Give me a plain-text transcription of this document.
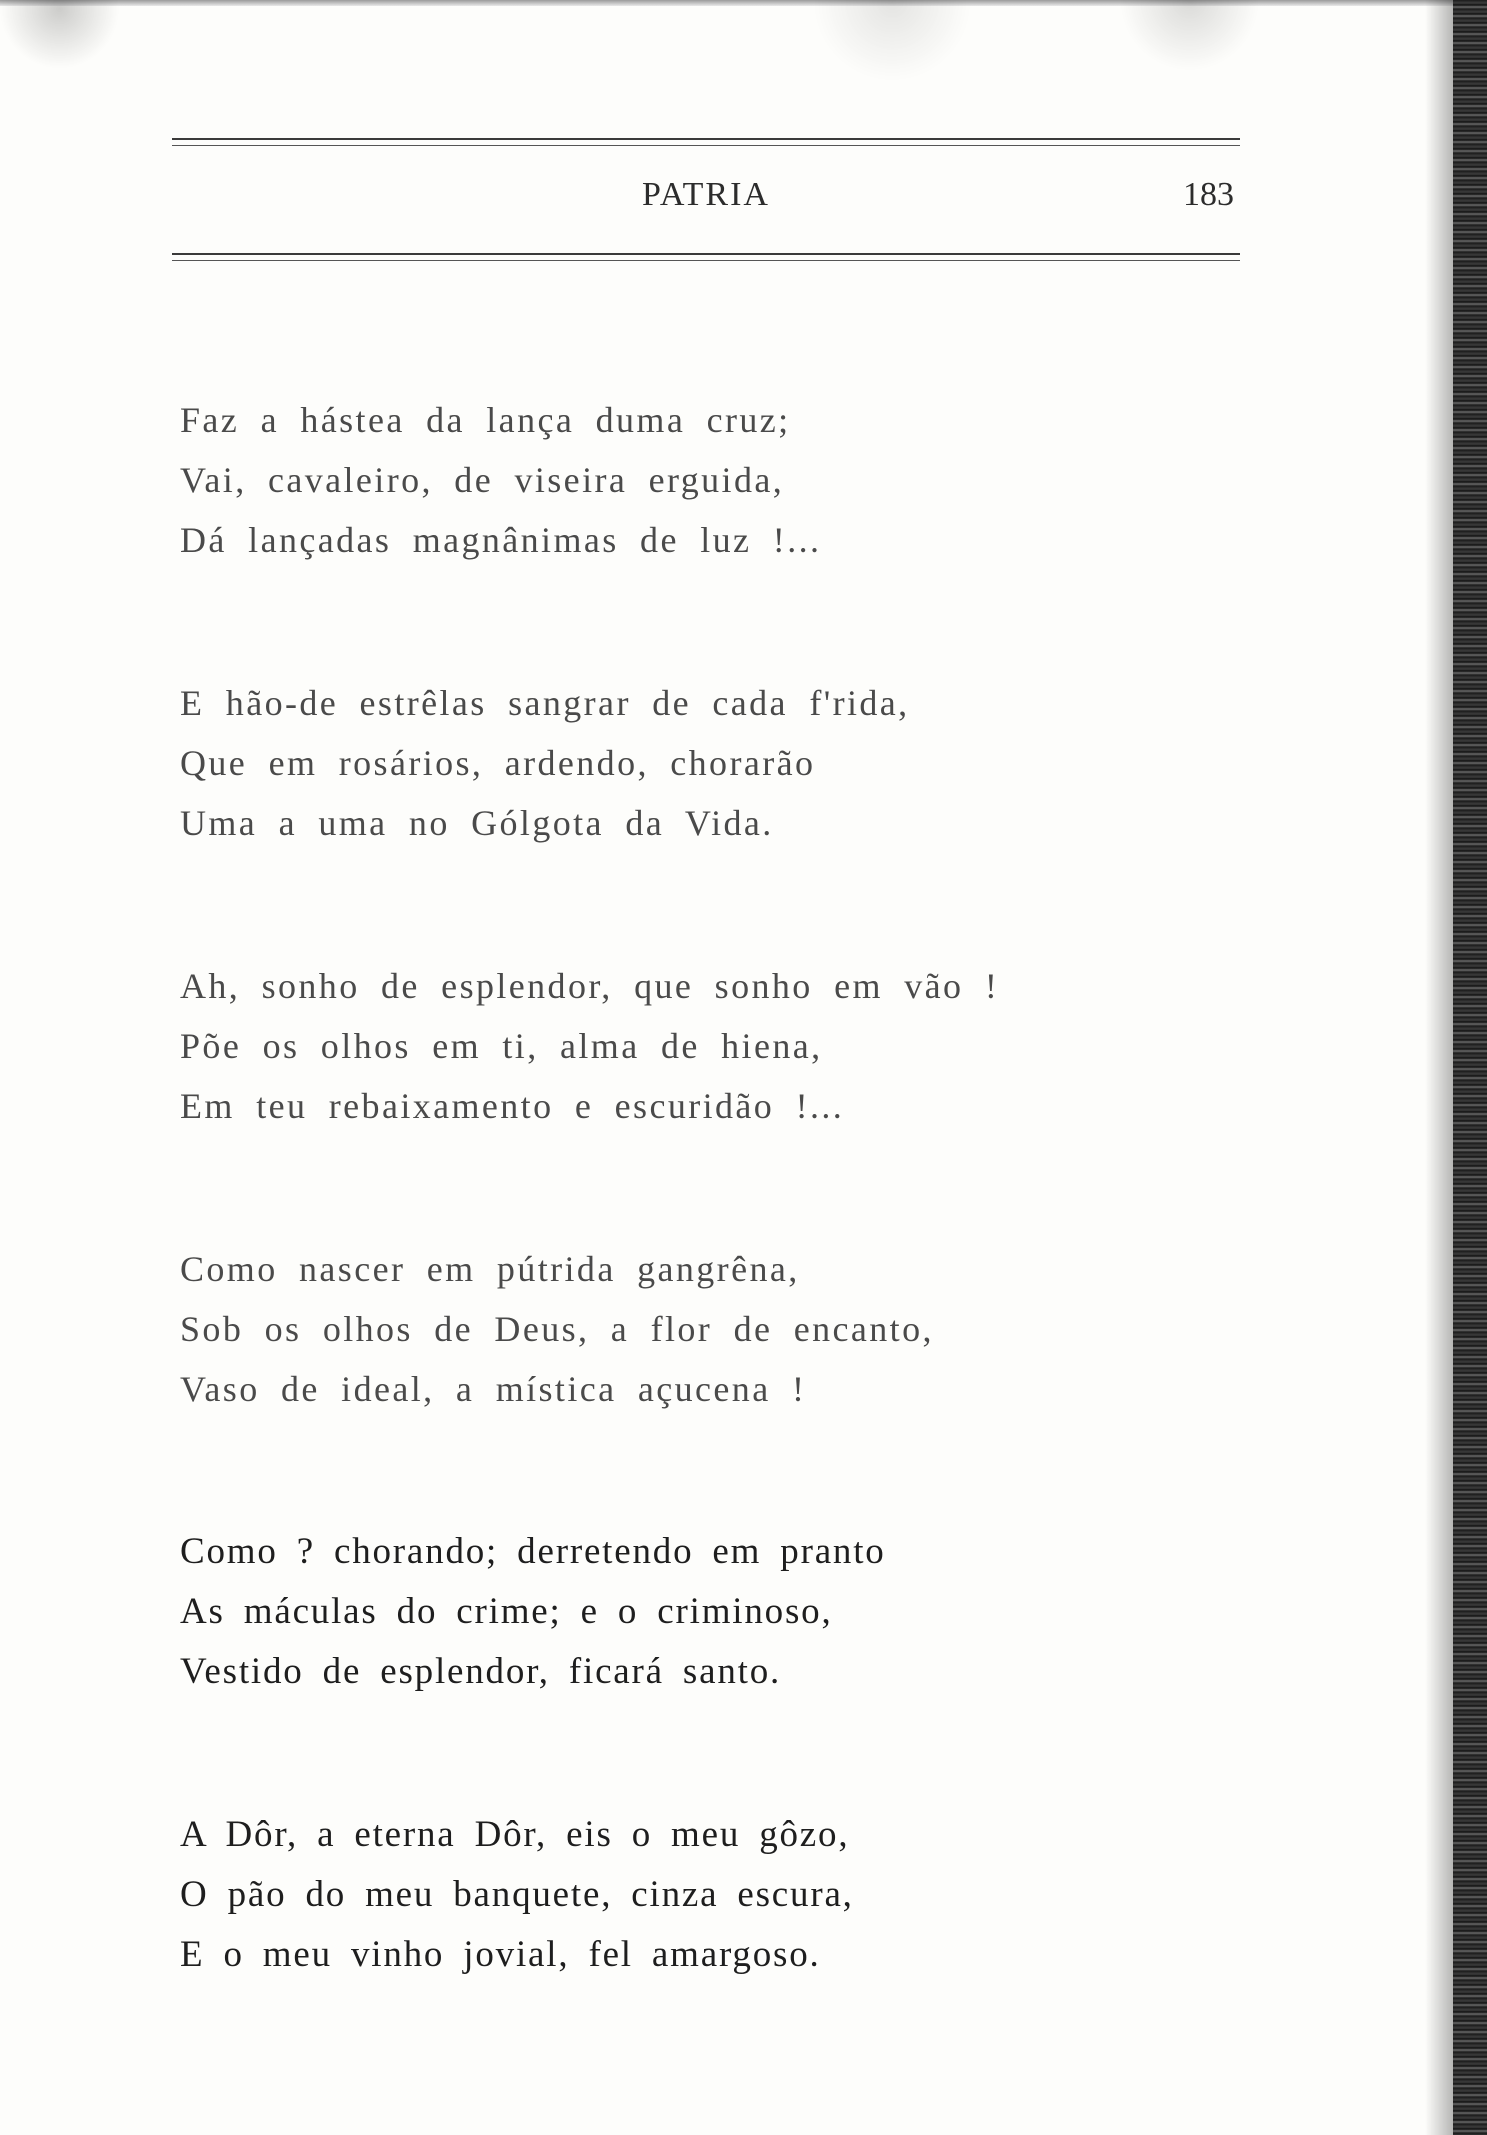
PATRIA	183
Faz a hástea da lança duma cruz;
Vai, cavaleiro, de viseira erguida,
Dá lançadas magnânimas de luz !...
E hão-de estrêlas sangrar de cada f'rida,
Que em rosários, ardendo, chorarão
Uma a uma no Gólgota da Vida.
Ah, sonho de esplendor, que sonho em vão !
Põe os olhos em ti, alma de hiena,
Em teu rebaixamento e escuridão !...
Como nascer em pútrida gangrêna,
Sob os olhos de Deus, a flor de encanto,
Vaso de ideal, a mística açucena !
Como ? chorando; derretendo em pranto
As máculas do crime; e o criminoso,
Vestido de esplendor, ficará santo.
A Dôr, a eterna Dôr, eis o meu gôzo,
O pão do meu banquete, cinza escura,
E o meu vinho jovial, fel amargoso.
